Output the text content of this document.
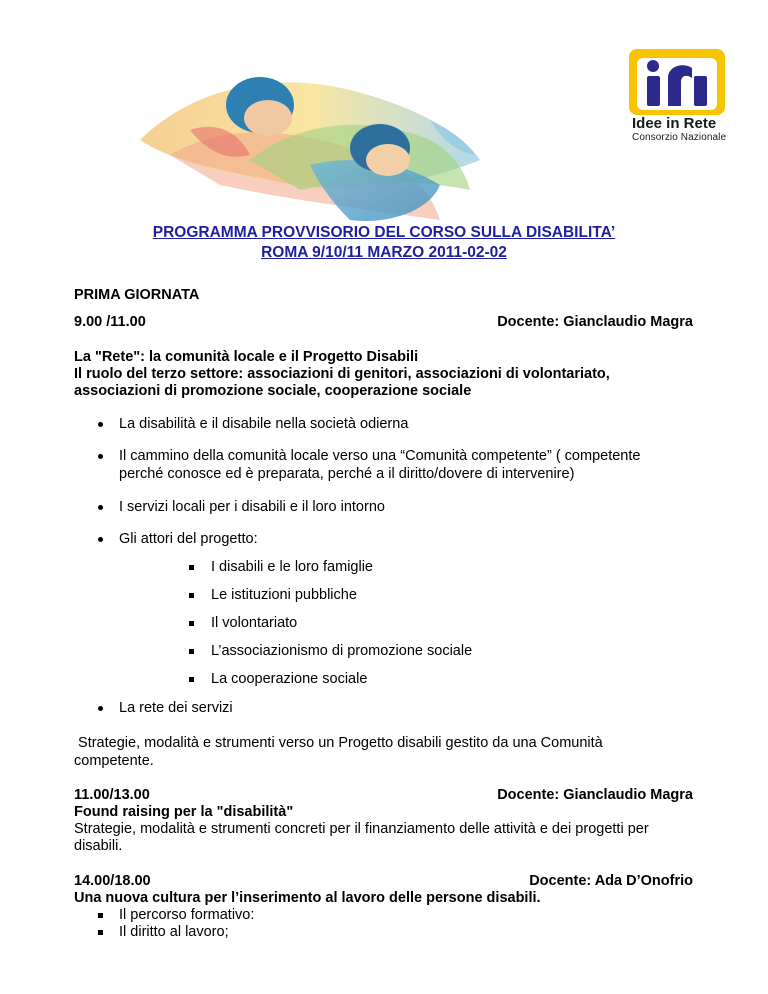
Idee in Rete
Consorzio Nazionale
PROGRAMMA PROVVISORIO DEL CORSO SULLA DISABILITA’
ROMA 9/10/11 MARZO 2011-02-02
PRIMA GIORNATA
9.00 /11.00	Docente: Gianclaudio Magra
La "Rete": la comunità locale e il Progetto Disabili
Il ruolo del terzo settore: associazioni di genitori, associazioni di volontariato,
associazioni di promozione sociale, cooperazione sociale
La disabilità e il disabile nella società odierna
Il cammino della comunità locale verso una “Comunità competente” ( competente
perché conosce ed è preparata, perché a il diritto/dovere di intervenire)
I servizi locali per i disabili e il loro intorno
Gli attori del progetto:
I disabili e le loro famiglie
Le istituzioni pubbliche
Il volontariato
L’associazionismo di promozione sociale
La cooperazione sociale
La rete dei servizi
Strategie, modalità e strumenti verso un Progetto disabili gestito da una Comunità
competente.
11.00/13.00	Docente: Gianclaudio Magra
Found raising per la "disabilità"
Strategie, modalità e strumenti concreti per il finanziamento delle attività e dei progetti per
disabili.
14.00/18.00	Docente: Ada D’Onofrio
Una nuova cultura per l’inserimento al lavoro delle persone disabili.
Il percorso formativo:
Il diritto al lavoro;
